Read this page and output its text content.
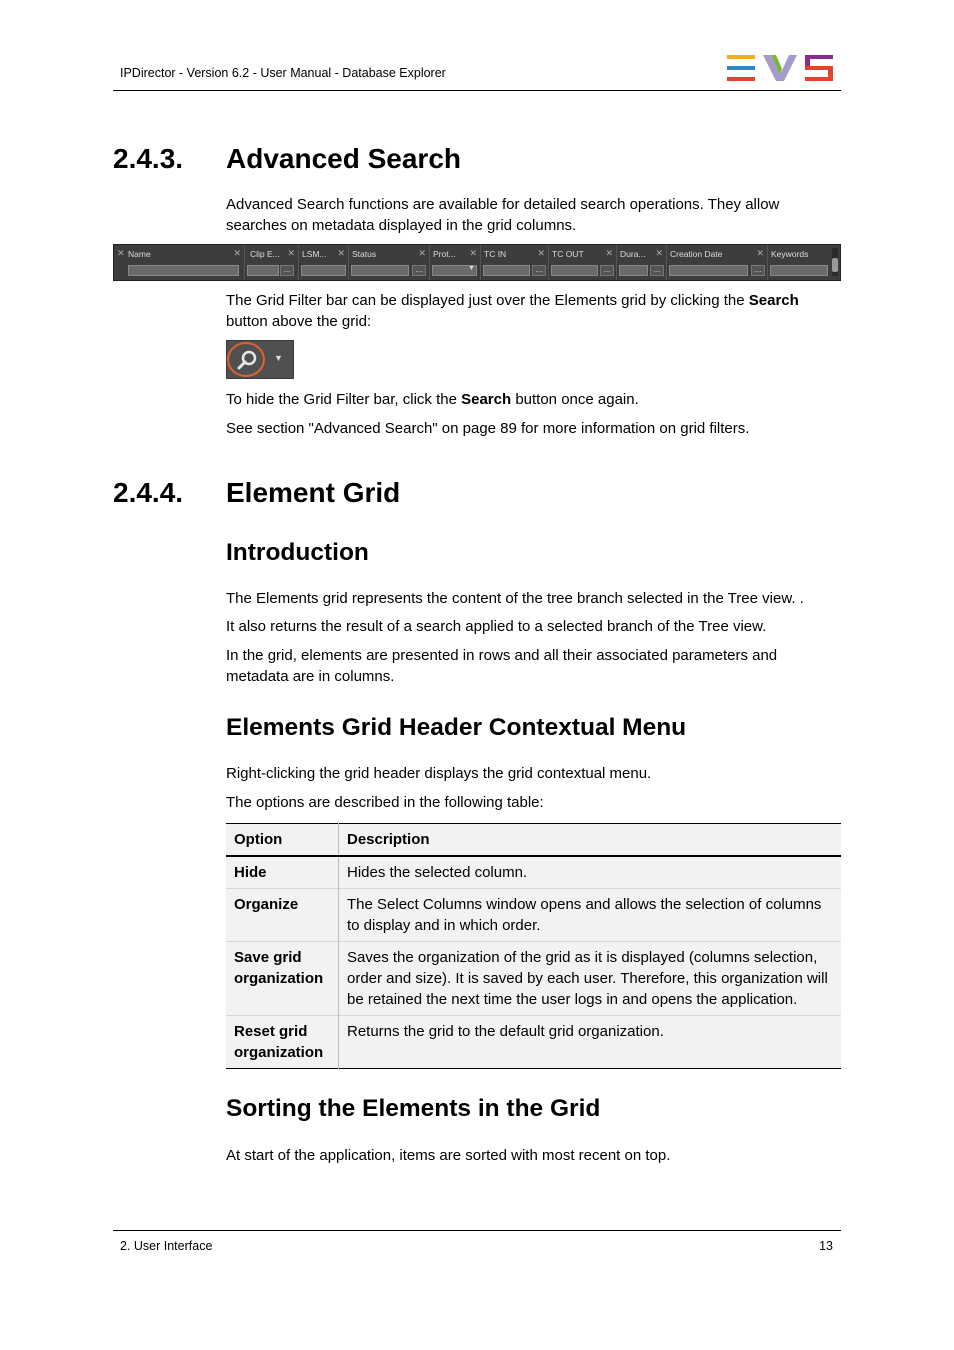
IPDirector - Version 6.2 - User Manual - Database Explorer
2.4.3. Advanced Search

Advanced Search functions are available for detailed search operations. They allow searches on metadata displayed in the grid columns.

✕ Name	✕ Clip E... ✕
...
LSM... ✕ Status	✕
...
Prot... ✕
▼
TC IN	✕
...
TC OUT ✕
...
Dura... ✕
...
Creation Date	✕
...
Keywords

The Grid Filter bar can be displayed just over the Elements grid by clicking the Search button above the grid:

▼

To hide the Grid Filter bar, click the Search button once again.

See section "Advanced Search" on page 89 for more information on grid filters.

2.4.4. Element Grid
Introduction

The Elements grid represents the content of the tree branch selected in the Tree view. .

It also returns the result of a search applied to a selected branch of the Tree view.

In the grid, elements are presented in rows and all their associated parameters and metadata are in columns.

Elements Grid Header Contextual Menu

Right-clicking the grid header displays the grid contextual menu.

The options are described in the following table:

Option	Description
Hide	Hides the selected column.
Organize	The Select Columns window opens and allows the selection of columns to display and in which order.
Save grid organization	Saves the organization of the grid as it is displayed (columns selection, order and size). It is saved by each user. Therefore, this organization will be retained the next time the user logs in and opens the application.
Reset grid organization	Returns the grid to the default grid organization.
Sorting the Elements in the Grid

At start of the application, items are sorted with most recent on top.

2. User Interface	13
